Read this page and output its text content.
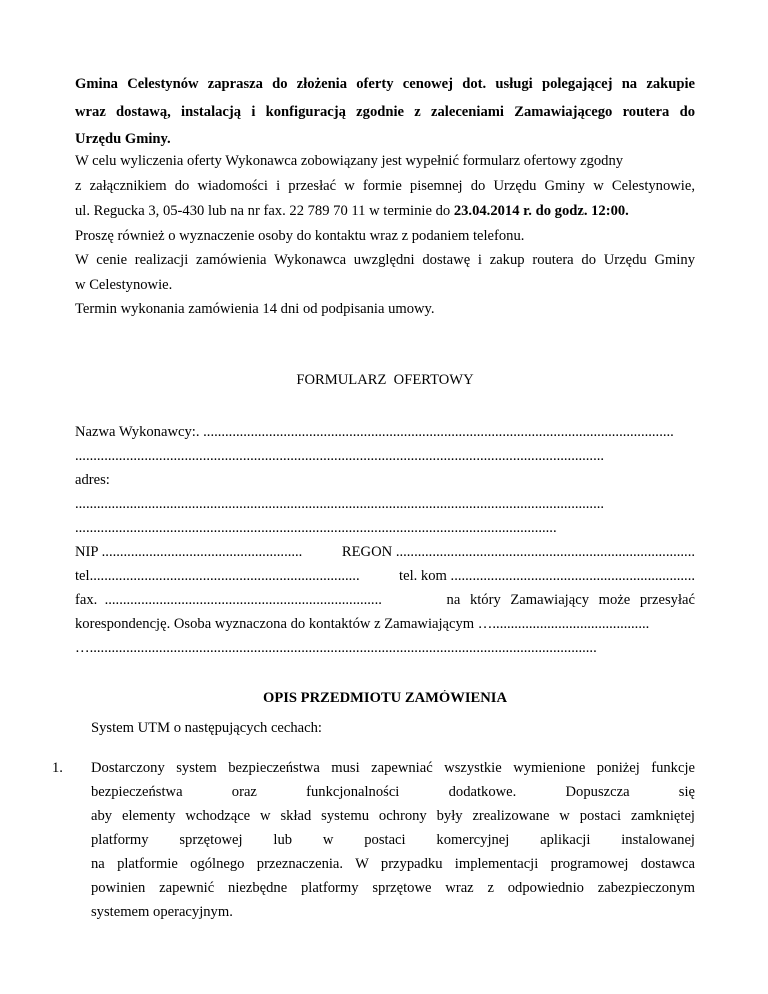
Gmina Celestynów zaprasza do złożenia oferty cenowej dot. usługi polegającej na zakupie
wraz dostawą, instalacją i konfiguracją zgodnie z zaleceniami Zamawiającego routera do
Urzędu Gminy.
W celu wyliczenia oferty Wykonawca zobowiązany jest wypełnić formularz ofertowy zgodny
z załącznikiem do wiadomości i przesłać w formie pisemnej do Urzędu Gminy w Celestynowie,
ul. Regucka 3, 05-430 lub na nr fax. 22 789 70 11 w terminie do 23.04.2014 r. do godz. 12:00.
Proszę również o wyznaczenie osoby do kontaktu wraz z podaniem telefonu.
W cenie realizacji zamówienia Wykonawca uwzględni dostawę i zakup routera do Urzędu Gminy
w Celestynowie.
Termin wykonania zamówienia 14 dni od podpisania umowy.
FORMULARZ  OFERTOWY
Nazwa Wykonawcy:. .................................................................................................................................
.................................................................................................................................................
adres:
.................................................................................................................................................
....................................................................................................................................
NIP .......................................................	REGON ..................................................................................
tel..........................................................................	tel. kom ...................................................................
fax. ............................................................................	na który Zamawiający może przesyłać
korespondencję. Osoba wyznaczona do kontaktów z Zamawiającym …...........................................
…...........................................................................................................................................
OPIS PRZEDMIOTU ZAMÓWIENIA
System UTM o następujących cechach:
1. Dostarczony system bezpieczeństwa musi zapewniać wszystkie wymienione poniżej funkcje
bezpieczeństwa oraz funkcjonalności dodatkowe. Dopuszcza się
aby elementy wchodzące w skład systemu ochrony były zrealizowane w postaci zamkniętej
platformy sprzętowej lub w postaci komercyjnej aplikacji instalowanej
na platformie ogólnego przeznaczenia. W przypadku implementacji programowej dostawca
powinien zapewnić niezbędne platformy sprzętowe wraz z odpowiednio zabezpieczonym
systemem operacyjnym.
